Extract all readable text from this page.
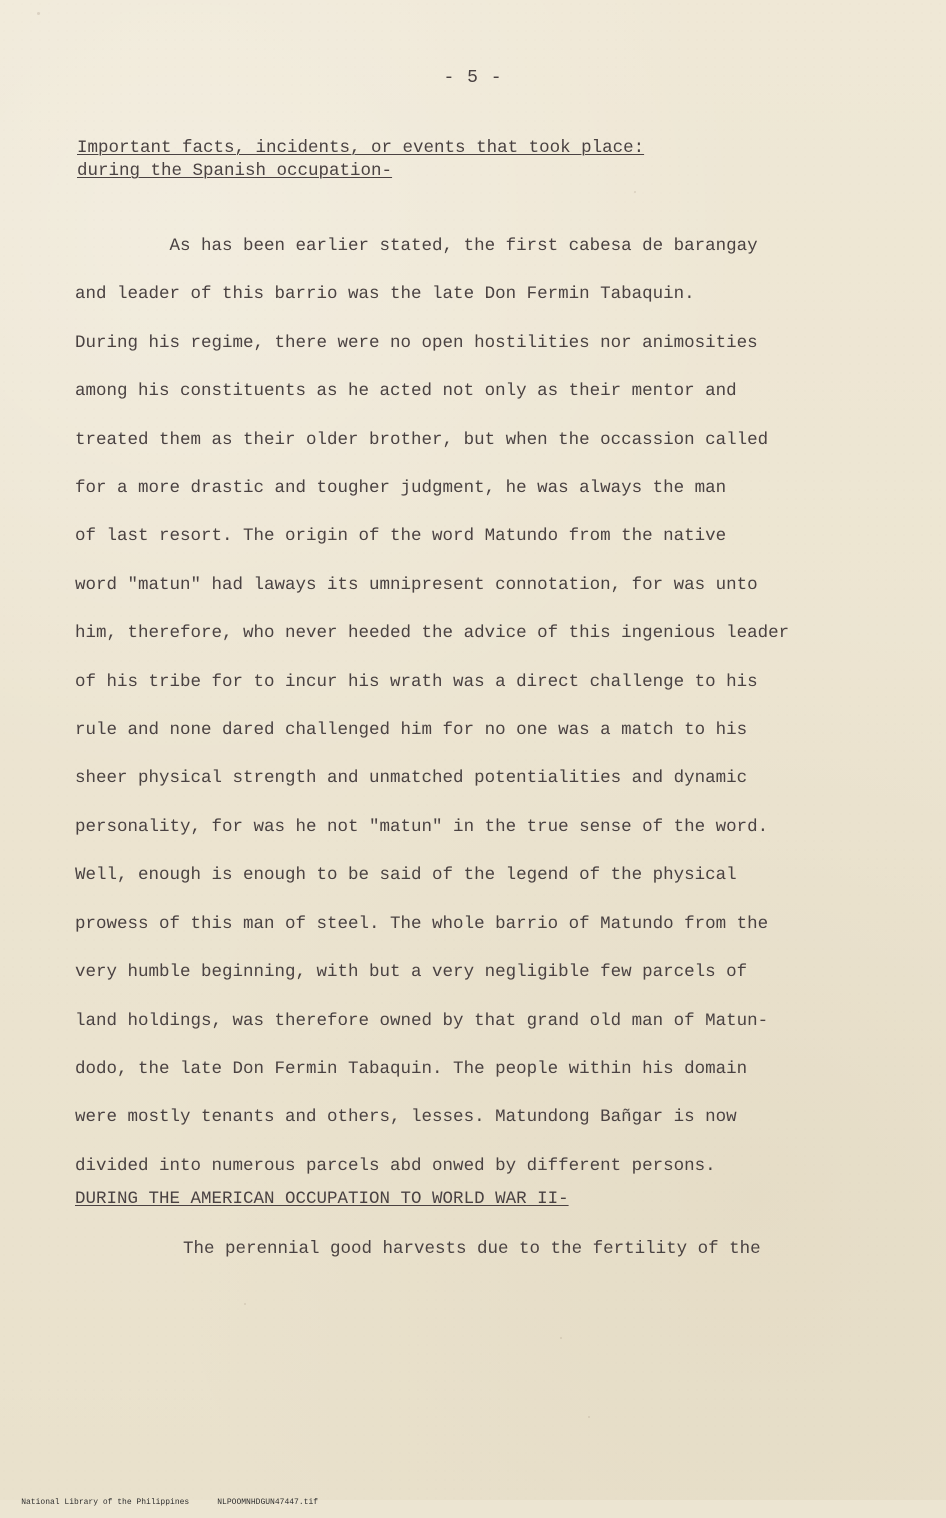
- 5 -
Important facts, incidents, or events that took place:
during the Spanish occupation-
As has been earlier stated, the first cabesa de barangay
and leader of this barrio was the late Don Fermin Tabaquin.
During his regime, there were no open hostilities nor animosities
among his constituents as he acted not only as their mentor and
treated them as their older brother, but when the occassion called
for a more drastic and tougher judgment, he was always the man
of last resort. The origin of the word Matundo from the native
word "matun" had laways its umnipresent connotation, for was unto
him, therefore, who never heeded the advice of this ingenious leader
of his tribe for to incur his wrath was a direct challenge to his
rule and none dared challenged him for no one was a match to his
sheer physical strength and unmatched potentialities and dynamic
personality, for was he not "matun" in the true sense of the word.
Well, enough is enough to be said of the legend of the physical
prowess of this man of steel. The whole barrio of Matundo from the
very humble beginning, with but a very negligible few parcels of
land holdings, was therefore owned by that grand old man of Matun-
dodo, the late Don Fermin Tabaquin. The people within his domain
were mostly tenants and others, lesses. Matundong Bañgar is now
divided into numerous parcels abd onwed by different persons.
DURING THE AMERICAN OCCUPATION TO WORLD WAR II-
The perennial good harvests due to the fertility of the

National Library of the Philippines	NLPOOMNHDGUN47447.tif
